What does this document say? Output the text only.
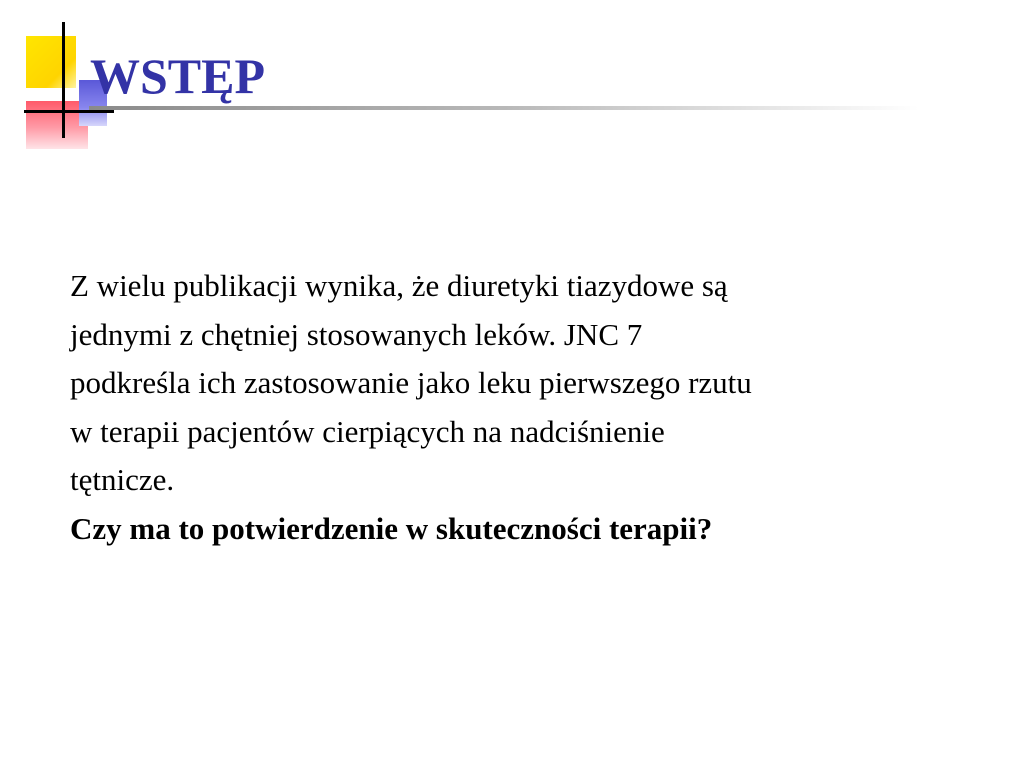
WSTĘP

Z wielu publikacji wynika, że diuretyki tiazydowe są

jednymi z chętniej stosowanych leków. JNC 7

podkreśla ich zastosowanie jako leku pierwszego rzutu

w terapii pacjentów cierpiących na nadciśnienie

tętnicze.

Czy ma to potwierdzenie w skuteczności terapii?
